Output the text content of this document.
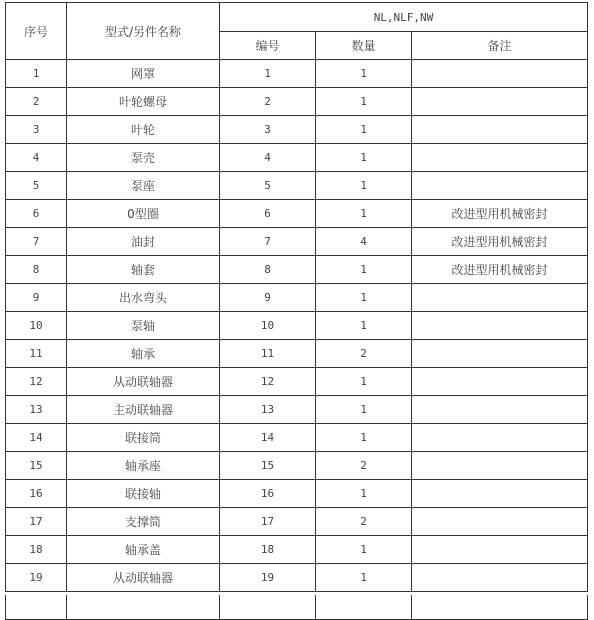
序号	型式/另件名称	NL,NLF,NW		
		编号	数量	备注
1	网罩	1	1	
2	叶轮螺母	2	1	
3	叶轮	3	1	
4	泵壳	4	1	
5	泵座	5	1	
6	0型圈	6	1	改进型用机械密封
7	油封	7	4	改进型用机械密封
8	轴套	8	1	改进型用机械密封
9	出水弯头	9	1	
10	泵轴	10	1	
11	轴承	11	2	
12	从动联轴器	12	1	
13	主动联轴器	13	1	
14	联接筒	14	1	
15	轴承座	15	2	
16	联接轴	16	1	
17	支撑筒	17	2	
18	轴承盖	18	1	
19	从动联轴器	19	1	
